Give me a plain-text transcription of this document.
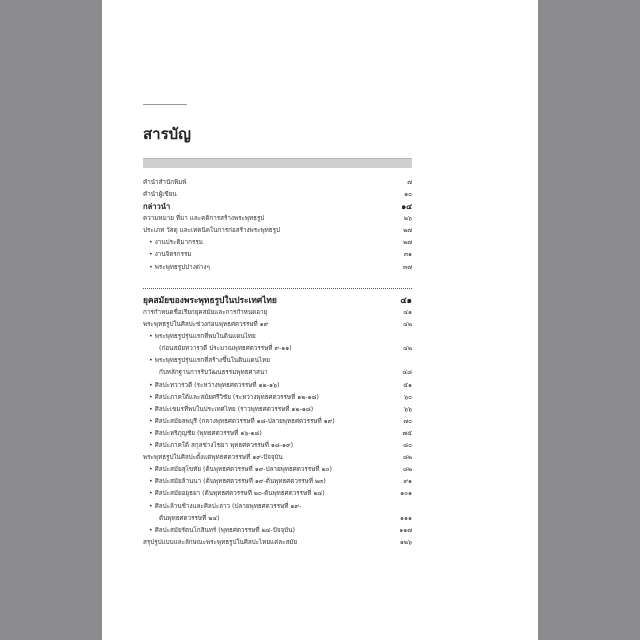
สารบัญ
คำนำสำนักพิมพ์	๗
คำนำผู้เขียน	๑๐
กล่าวนำ	๑๔
ความหมาย ที่มา และคติการสร้างพระพุทธรูป	๒๖
ประเภท วัสดุ และเทคนิคในการก่อสร้างพระพุทธรูป	๒๗
• งานประติมากรรม	๒๗
• งานจิตรกรรม	๓๑
• พระพุทธรูปปางต่างๆ	๓๗
ยุคสมัยของพระพุทธรูปในประเทศไทย	๔๑
การกำหนดชื่อเรียกยุคสมัยและการกำหนดอายุ	๔๑
พระพุทธรูปในศิลปะช่วงก่อนพุทธศตวรรษที่ ๑๙	๔๒
• พระพุทธรูปรุ่นแรกที่พบในดินแดนไทย
(ก่อนสมัยทวารวดี ประมาณพุทธศตวรรษที่ ๙-๑๑)	๔๒
• พระพุทธรูปรุ่นแรกที่สร้างขึ้นในดินแดนไทย
กับหลักฐานการรับวัฒนธรรมพุทธศาสนา	๔๘
• ศิลปะทวารวดี (ระหว่างพุทธศตวรรษที่ ๑๒-๑๖)	๕๑
• ศิลปะภาคใต้และสมัยศรีวิชัย (ระหว่างพุทธศตวรรษที่ ๑๒-๑๘)	๖๐
• ศิลปะเขมรที่พบในประเทศไทย (ราวพุทธศตวรรษที่ ๑๒-๑๘)	๖๖
• ศิลปะสมัยลพบุรี (กลางพุทธศตวรรษที่ ๑๘-ปลายพุทธศตวรรษที่ ๑๙)	๗๐
• ศิลปะหริภุญชัย (พุทธศตวรรษที่ ๑๖-๑๘)	๗๕
• ศิลปะภาคใต้ สกุลช่างไชยา พุทธศตวรรษที่ ๑๘-๑๙)	๘๐
พระพุทธรูปในศิลปะตั้งแต่พุทธศตวรรษที่ ๑๙-ปัจจุบัน	๘๒
• ศิลปะสมัยสุโขทัย (ต้นพุทธศตวรรษที่ ๑๙-ปลายพุทธศตวรรษที่ ๒๐)	๘๒
• ศิลปะสมัยล้านนา (ต้นพุทธศตวรรษที่ ๑๙-ต้นพุทธศตวรรษที่ ๒๓)	๙๑
• ศิลปะสมัยอยุธยา (ต้นพุทธศตวรรษที่ ๒๐-ต้นพุทธศตวรรษที่ ๒๔)	๑๐๑
• ศิลปะล้านช้างและศิลปะลาว (ปลายพุทธศตวรรษที่ ๑๙-
ต้นพุทธศตวรรษที่ ๒๔)	๑๑๑
• ศิลปะสมัยรัตนโกสินทร์ (พุทธศตวรรษที่ ๒๔-ปัจจุบัน)	๑๑๗
สรุปรูปแบบและลักษณะพระพุทธรูปในศิลปะไทยแต่ละสมัย	๑๒๖
